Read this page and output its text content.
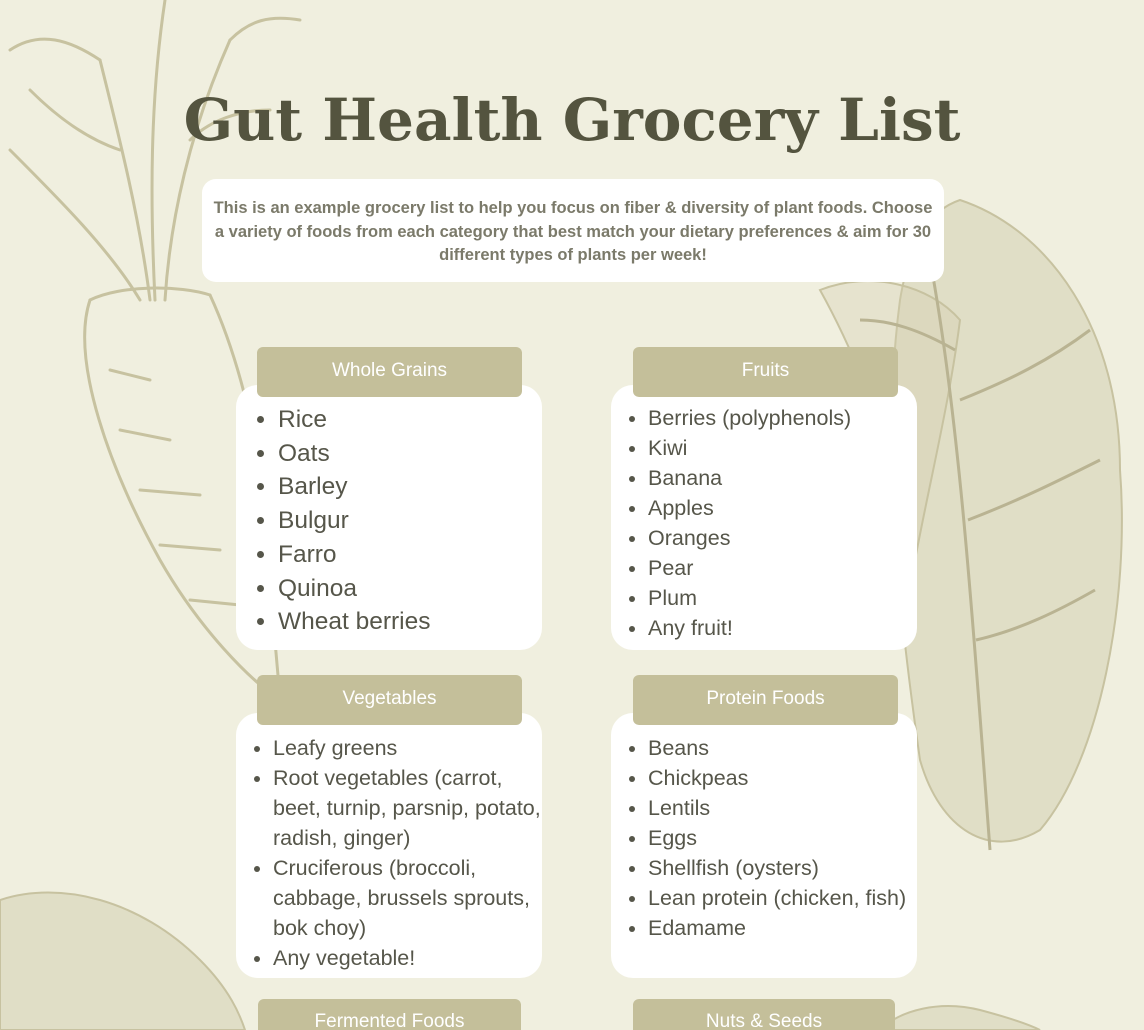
Gut Health Grocery List
This is an example grocery list to help you focus on fiber & diversity of plant foods. Choose a variety of foods from each category that best match your dietary preferences & aim for 30 different types of plants per week!
• Rice
• Oats
• Barley
• Bulgur
• Farro
• Quinoa
• Wheat berries
Whole Grains
• Berries (polyphenols)
• Kiwi
• Banana
• Apples
• Oranges
• Pear
• Plum
• Any fruit!
Fruits
• Leafy greens
• Root vegetables (carrot, beet, turnip, parsnip, potato, radish, ginger)
• Cruciferous (broccoli, cabbage, brussels sprouts, bok choy)
• Any vegetable!
Vegetables
• Beans
• Chickpeas
• Lentils
• Eggs
• Shellfish (oysters)
• Lean protein (chicken, fish)
• Edamame
Protein Foods
Fermented Foods	Nuts & Seeds
